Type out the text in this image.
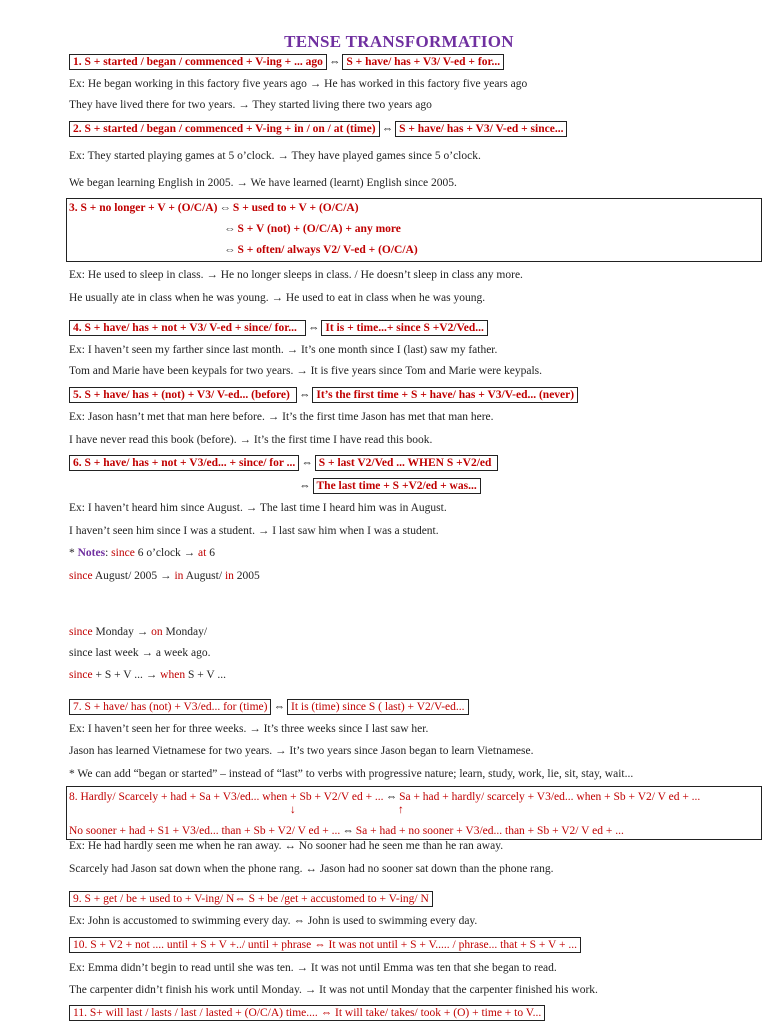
TENSE TRANSFORMATION
1. S + started / began / commenced + V-ing + ... ago ⇔ S + have/ has + V3/ V-ed + for...
Ex: He began working in this factory five years ago → He has worked in this factory five years ago
They have lived there for two years. → They started living there two years ago
2. S + started / began / commenced + V-ing + in / on / at (time) ⇔ S + have/ has + V3/ V-ed + since...
Ex: They started playing games at 5 o’clock. → They have played games since 5 o’clock.
We began learning English in 2005. → We have learned (learnt) English since 2005.
3. S + no longer + V + (O/C/A) ⇔ S + used to + V + (O/C/A)
⇔ S + V (not) + (O/C/A) + any more
⇔ S + often/ always V2/ V-ed + (O/C/A)
Ex: He used to sleep in class. → He no longer sleeps in class. / He doesn’t sleep in class any more.
He usually ate in class when he was young. → He used to eat in class when he was young.
4. S + have/ has + not + V3/ V-ed + since/ for... ⇔ It is + time...+ since S +V2/Ved...
Ex: I haven’t seen my farther since last month. → It’s one month since I (last) saw my father.
Tom and Marie have been keypals for two years. → It is five years since Tom and Marie were keypals.
5. S + have/ has + (not) + V3/ V-ed... (before) ⇔ It’s the first time + S + have/ has + V3/V-ed... (never)
Ex: Jason hasn’t met that man here before. → It’s the first time Jason has met that man here.
I have never read this book (before). → It’s the first time I have read this book.
6. S + have/ has + not + V3/ed... + since/ for ... ⇔ S + last V2/Ved ... WHEN S +V2/ed
⇔ The last time + S +V2/ed + was...
Ex: I haven’t heard him since August. → The last time I heard him was in August.
I haven’t seen him since I was a student. → I last saw him when I was a student.
* Notes: since 6 o’clock → at 6
since August/ 2005 → in August/ in 2005
since Monday → on Monday/
since last week → a week ago.
since + S + V ... → when S + V ...
7. S + have/ has (not) + V3/ed... for (time) ⇔ It is (time) since S ( last) + V2/V-ed...
Ex: I haven’t seen her for three weeks. → It’s three weeks since I last saw her.
Jason has learned Vietnamese for two years. → It’s two years since Jason began to learn Vietnamese.
* We can add “began or started” – instead of “last” to verbs with progressive nature; learn, study, work, lie, sit, stay, wait...
8. Hardly/ Scarcely + had + Sa + V3/ed... when + Sb + V2/V ed + ... ⇔ Sa + had + hardly/ scarcely + V3/ed... when + Sb + V2/ V ed + ...
↓	↑
No sooner + had + S1 + V3/ed... than + Sb + V2/ V ed + ... ⇔ Sa + had + no sooner + V3/ed... than + Sb + V2/ V ed + ...
Ex: He had hardly seen me when he ran away. ↔ No sooner had he seen me than he ran away.
Scarcely had Jason sat down when the phone rang. ↔ Jason had no sooner sat down than the phone rang.
9. S + get / be + used to + V-ing/ N⇔ S + be /get + accustomed to + V-ing/ N
Ex: John is accustomed to swimming every day. ⇔ John is used to swimming every day.
10. S + V2 + not .... until + S + V +../ until + phrase ⇔ It was not until + S + V..... / phrase... that + S + V + ...
Ex: Emma didn’t begin to read until she was ten. → It was not until Emma was ten that she began to read.
The carpenter didn’t finish his work until Monday. → It was not until Monday that the carpenter finished his work.
11. S+ will last / lasts / last / lasted + (O/C/A) time.... ⇔ It will take/ takes/ took + (O) + time + to V...
